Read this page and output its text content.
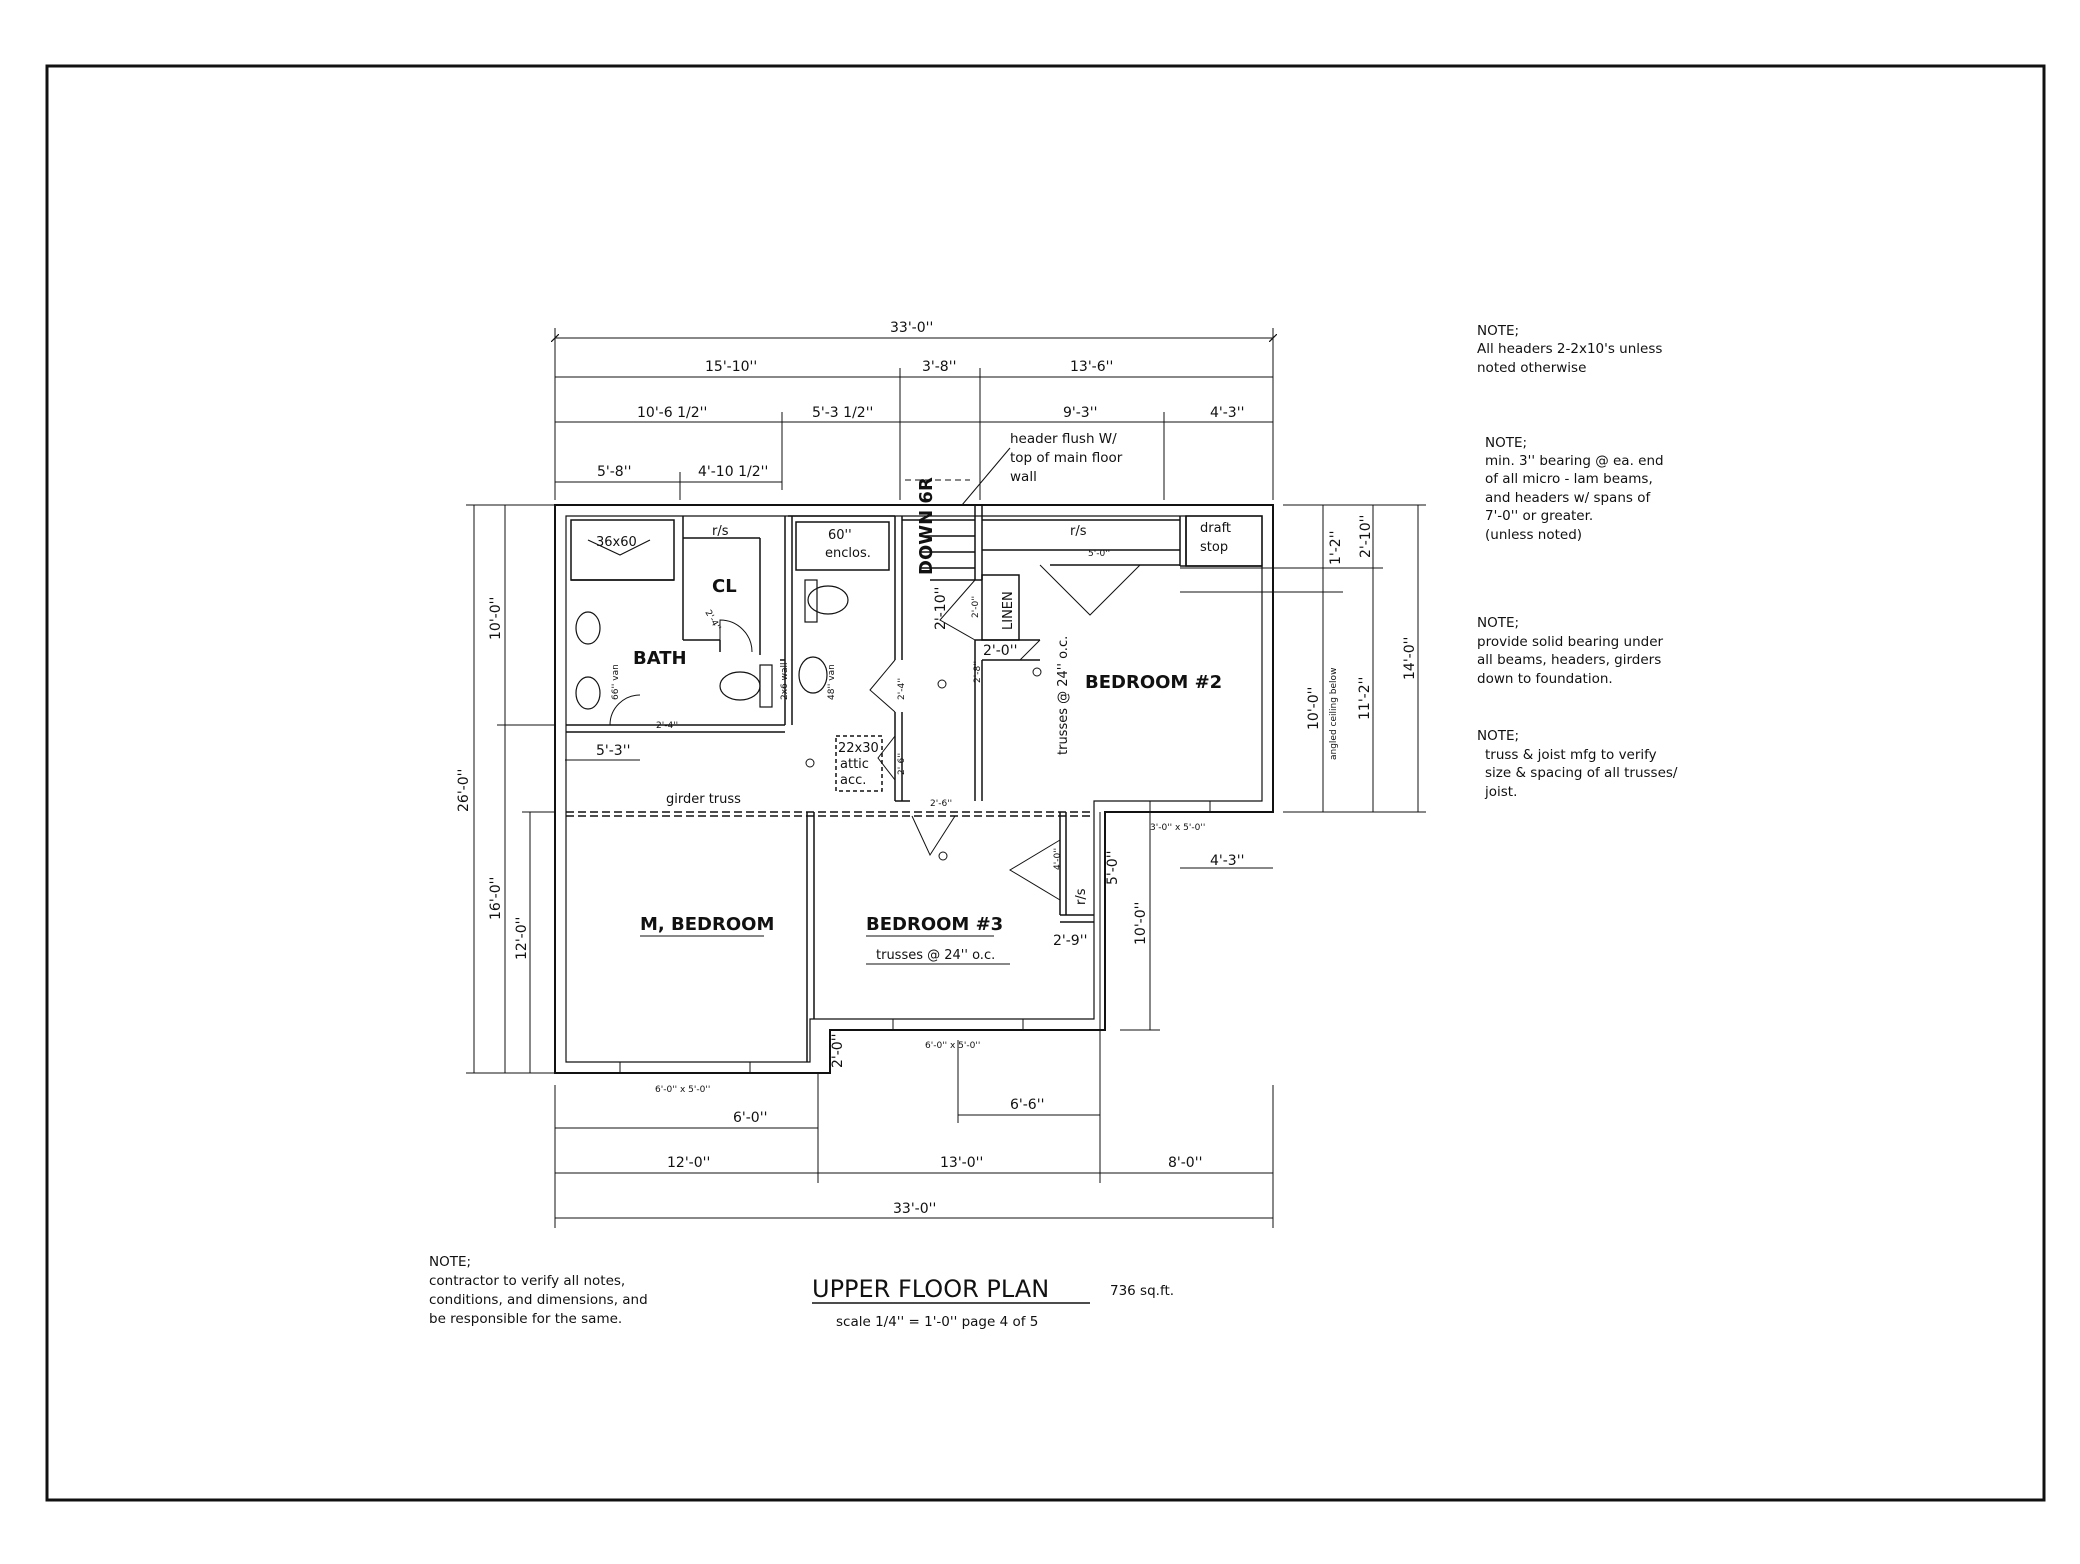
NOTE;
All headers 2-2x10's unless
noted otherwise
NOTE;
min. 3'' bearing @ ea. end
of all micro - lam beams,
and headers w/ spans of
7'-0'' or greater.
(unless noted)
NOTE;
provide solid bearing under
all beams, headers, girders
down to foundation.
NOTE;
truss & joist mfg to verify
size & spacing of all trusses/
joist.
NOTE;
contractor to verify all notes,
conditions, and dimensions, and
be responsible for the same.
UPPER FLOOR PLAN	736 sq.ft.
scale 1/4'' = 1'-0'' page 4 of 5
33'-0''
15'-10''	3'-8''	13'-6''
10'-6 1/2''	5'-3 1/2''	9'-3''	4'-3''
5'-8''	4'-10 1/2''
header flush W/
top of main floor
wall
26'-0''
10'-0''
16'-0''
12'-0''
5'-3''
1'-2'' 2'-10''
14'-0''
11'-2''
10'-0'' angled ceiling below
4'-3''
2'-0''
6'-0''
6'-6''
12'-0''	13'-0''	8'-0''
33'-0''
6'-0'' x 5'-0''
6'-0'' x 5'-0''
3'-0'' x 5'-0''
36x60
r/s
CL
BATH
66'' van	2x6 wall	48'' van
2'-4''
2'-4''
2'-4''
2'-6''
2'-6''
60''
enclos.	DOWN 6R
2'-10''	LINEN
2'-0''
2'-0''
2'-8''
r/s
5'-0''
draft
stop
BEDROOM #2
trusses @ 24'' o.c.
22x30
attic
acc.
girder truss
M, BEDROOM	BEDROOM #3
trusses @ 24'' o.c.
4'-0''
r/s
5'-0''
2'-9''	10'-0''
